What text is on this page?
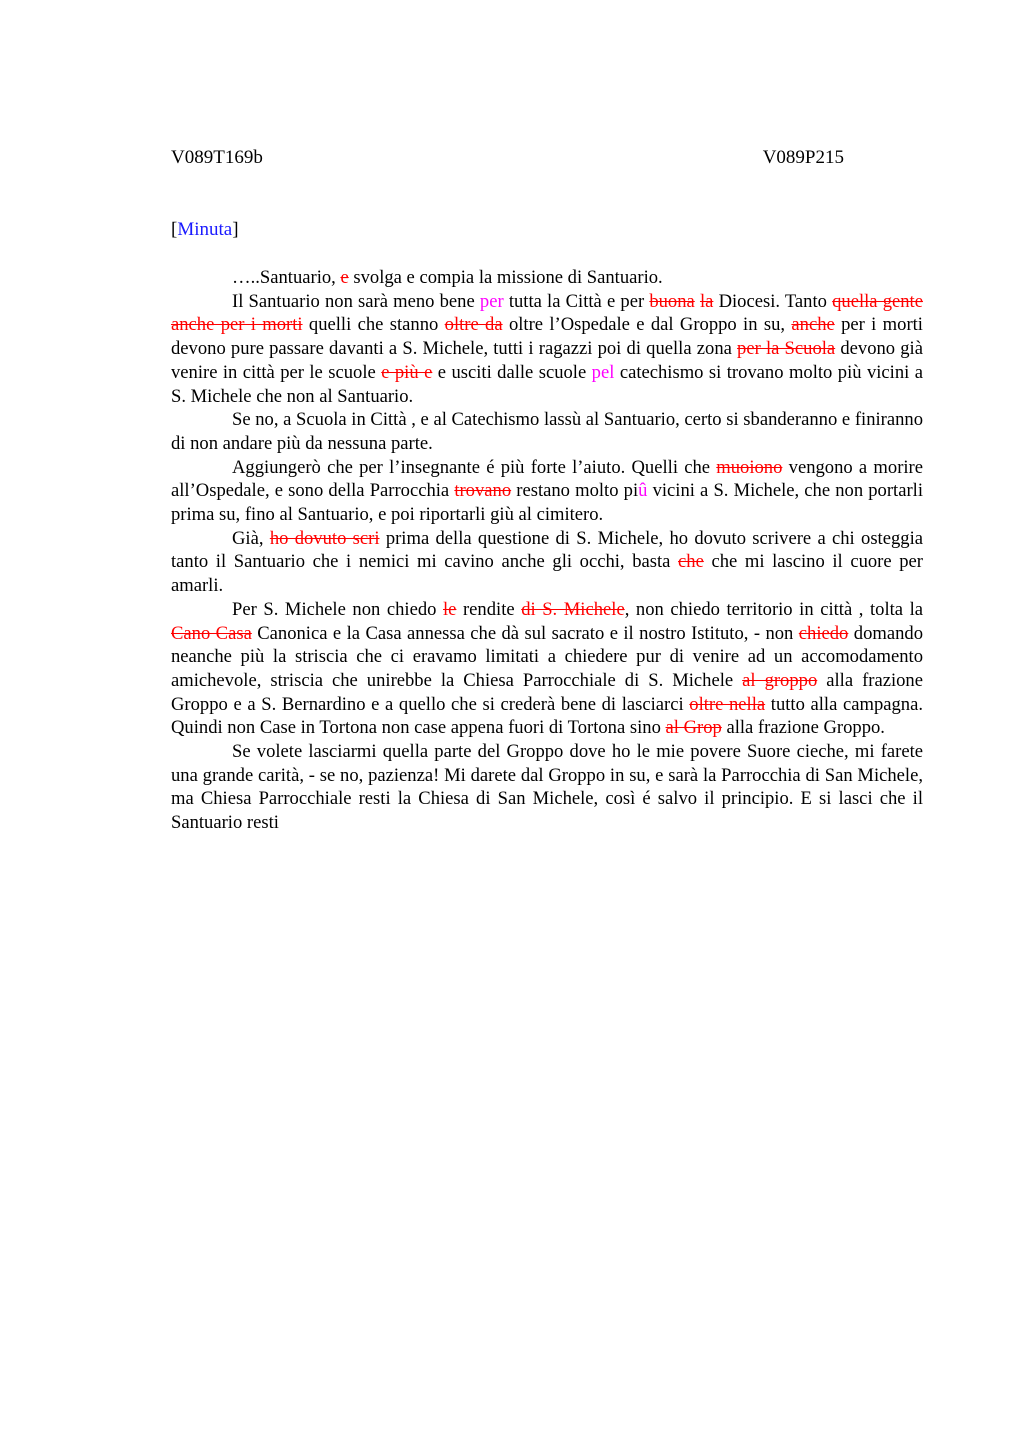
V089T169b	V089P215
[Minuta]

…..Santuario, e svolga e compia la missione di Santuario.

Il Santuario non sarà meno bene per tutta la Città e per buona la Diocesi. Tanto quella gente anche per i morti quelli che stanno oltre da oltre l’Ospedale e dal Groppo in su, anche per i morti devono pure passare davanti a S. Michele, tutti i ragazzi poi di quella zona per la Scuola devono già venire in città per le scuole e più e e usciti dalle scuole pel catechismo si trovano molto più vicini a S. Michele che non al Santuario.

Se no, a Scuola in Città , e al Catechismo lassù al Santuario, certo si sbanderanno e finiranno di non andare più da nessuna parte.

Aggiungerò che per l’insegnante é più forte l’aiuto. Quelli che muoiono vengono a morire all’Ospedale, e sono della Parrocchia trovano restano molto piû vicini a S. Michele, che non portarli prima su, fino al Santuario, e poi riportarli giù al cimitero.

Già, ho dovuto scri prima della questione di S. Michele, ho dovuto scrivere a chi osteggia tanto il Santuario che i nemici mi cavino anche gli occhi, basta che che mi lascino il cuore per amarli.

Per S. Michele non chiedo le rendite di S. Michele, non chiedo territorio in città , tolta la Cano Casa Canonica e la Casa annessa che dà sul sacrato e il nostro Istituto, - non chiedo domando neanche più la striscia che ci eravamo limitati a chiedere pur di venire ad un accomodamento amichevole, striscia che unirebbe la Chiesa Parrocchiale di S. Michele al groppo alla frazione Groppo e a S. Bernardino e a quello che si crederà bene di lasciarci oltre nella tutto alla campagna. Quindi non Case in Tortona non case appena fuori di Tortona sino al Grop alla frazione Groppo.

Se volete lasciarmi quella parte del Groppo dove ho le mie povere Suore cieche, mi farete una grande carità, - se no, pazienza! Mi darete dal Groppo in su, e sarà la Parrocchia di San Michele, ma Chiesa Parrocchiale resti la Chiesa di San Michele, così é salvo il principio. E si lasci che il Santuario resti
